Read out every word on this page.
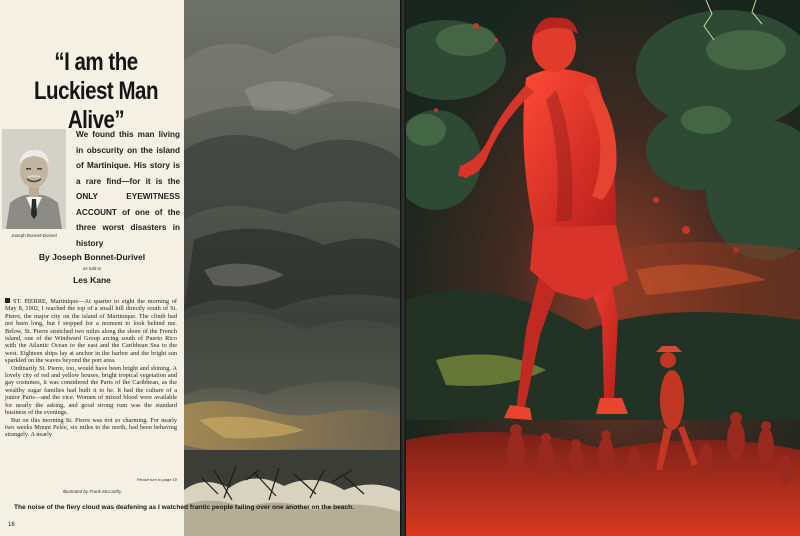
“I am the
Luckiest Man Alive”
Joseph Bonnet-Durivel

We found this man living in obscurity on the island of Martinique. His story is a rare find—for it is the ONLY EYEWITNESS ACCOUNT of one of the three worst disasters in history

By Joseph Bonnet-Durivel
as told to
Les Kane

ST. PIERRE, Martinique—At quarter to eight the morning of May 8, 1902, I reached the top of a small hill directly south of St. Pierre, the major city on the island of Martinique. The climb had not been long, but I stopped for a moment to look behind me. Below, St. Pierre stretched two miles along the shore of the French island, one of the Windward Group arcing south of Puerto Rico with the Atlantic Ocean to the east and the Caribbean Sea to the west. Eighteen ships lay at anchor in the harbor and the bright sun sparkled on the waves beyond the port area.

Ordinarily St. Pierre, too, would have been bright and shining. A lovely city of red and yellow houses, bright tropical vegetation and gay costumes, it was considered the Paris of the Caribbean, as the wealthy sugar families had built it to be. It had the culture of a junior Paris—and the vice. Women of mixed blood were available for nearly the asking, and good strong rum was the standard business of the evenings.

But on this morning St. Pierre was not so charming. For nearly two weeks Mount Pelée, six miles to the north, had been behaving strangely. A nearly

Please turn to page 18
Illustrated by Frank McCarthy
The noise of the fiery cloud was deafening as I watched frantic people falling over one another on the beach.
16
